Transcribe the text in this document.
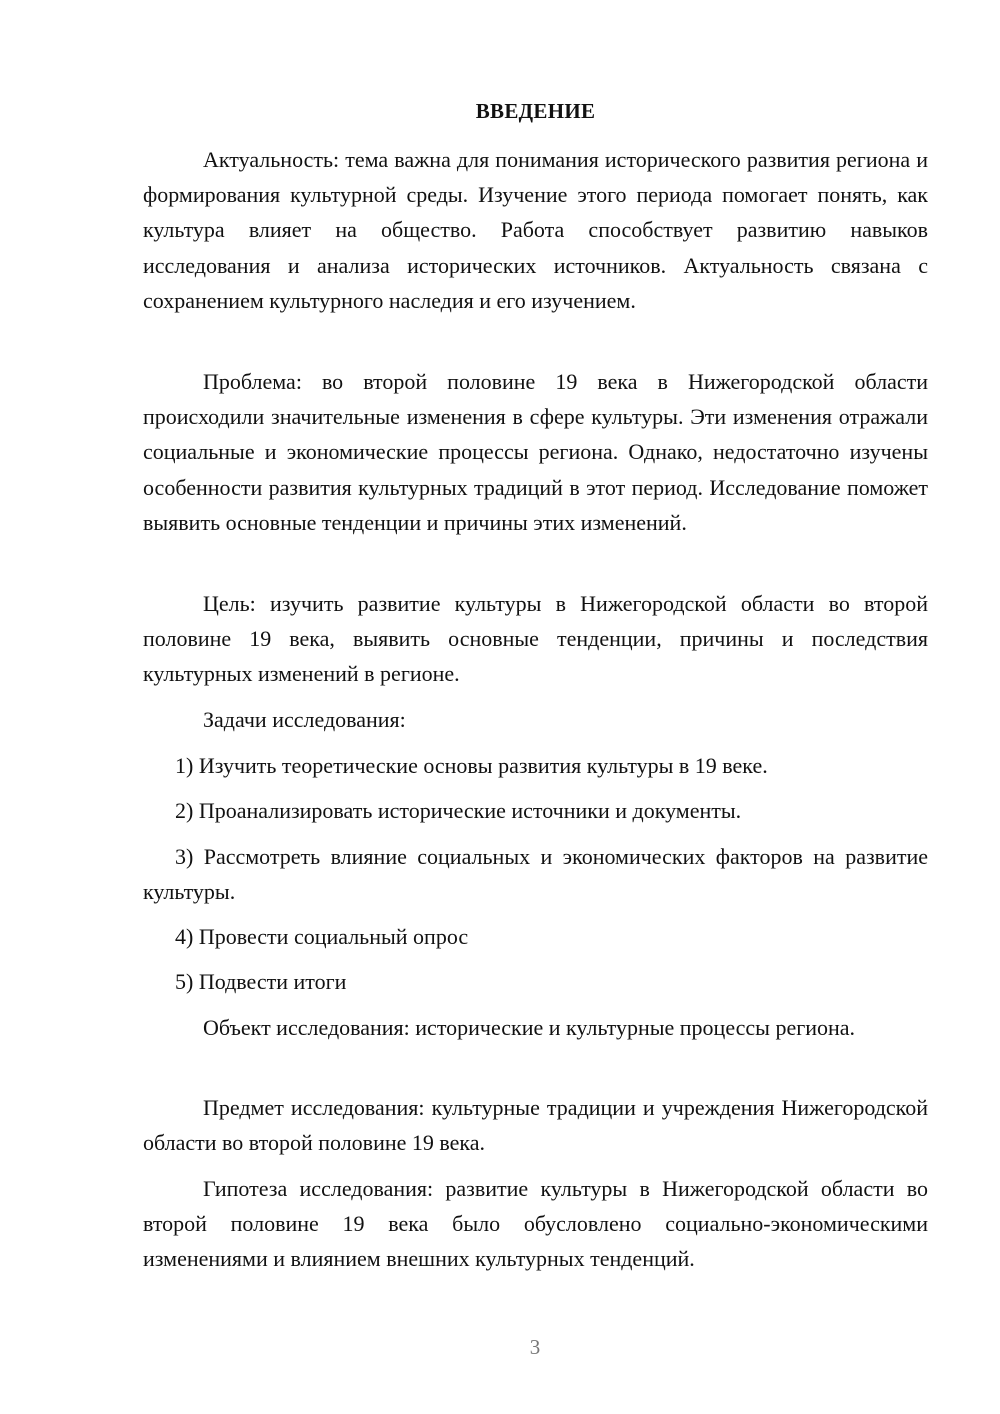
ВВЕДЕНИЕ

Актуальность: тема важна для понимания исторического развития региона и формирования культурной среды. Изучение этого периода помогает понять, как культура влияет на общество. Работа способствует развитию навыков исследования и анализа исторических источников. Актуальность связана с сохранением культурного наследия и его изучением.

Проблема: во второй половине 19 века в Нижегородской области происходили значительные изменения в сфере культуры. Эти изменения отражали социальные и экономические процессы региона. Однако, недостаточно изучены особенности развития культурных традиций в этот период. Исследование поможет выявить основные тенденции и причины этих изменений.

Цель: изучить развитие культуры в Нижегородской области во второй половине 19 века, выявить основные тенденции, причины и последствия культурных изменений в регионе.

Задачи исследования:

1) Изучить теоретические основы развития культуры в 19 веке.

2) Проанализировать исторические источники и документы.

3) Рассмотреть влияние социальных и экономических факторов на развитие культуры.

4) Провести социальный опрос

5) Подвести итоги

Объект исследования: исторические и культурные процессы региона.

Предмет исследования: культурные традиции и учреждения Нижегородской области во второй половине 19 века.

Гипотеза исследования: развитие культуры в Нижегородской области во второй половине 19 века было обусловлено социально-экономическими изменениями и влиянием внешних культурных тенденций.

3
